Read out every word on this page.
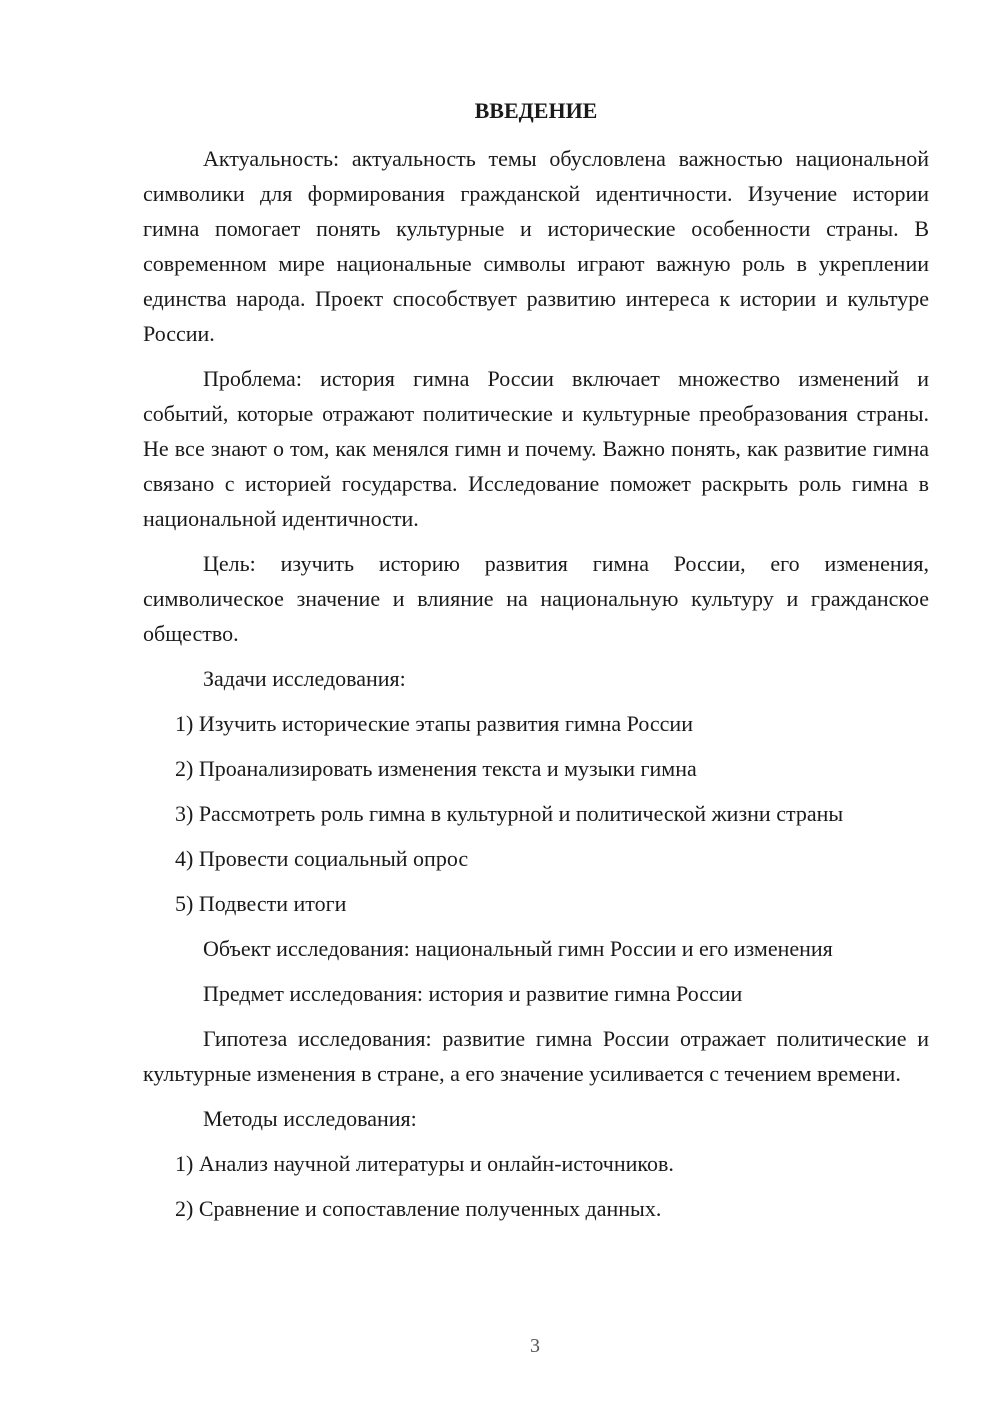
ВВЕДЕНИЕ

Актуальность: актуальность темы обусловлена важностью национальной символики для формирования гражданской идентичности. Изучение истории гимна помогает понять культурные и исторические особенности страны. В современном мире национальные символы играют важную роль в укреплении единства народа. Проект способствует развитию интереса к истории и культуре России.

Проблема: история гимна России включает множество изменений и событий, которые отражают политические и культурные преобразования страны. Не все знают о том, как менялся гимн и почему. Важно понять, как развитие гимна связано с историей государства. Исследование поможет раскрыть роль гимна в национальной идентичности.

Цель: изучить историю развития гимна России, его изменения, символическое значение и влияние на национальную культуру и гражданское общество.

Задачи исследования:

1) Изучить исторические этапы развития гимна России

2) Проанализировать изменения текста и музыки гимна

3) Рассмотреть роль гимна в культурной и политической жизни страны

4) Провести социальный опрос

5) Подвести итоги

Объект исследования: национальный гимн России и его изменения

Предмет исследования: история и развитие гимна России

Гипотеза исследования: развитие гимна России отражает политические и культурные изменения в стране, а его значение усиливается с течением времени.

Методы исследования:

1) Анализ научной литературы и онлайн-источников.

2) Сравнение и сопоставление полученных данных.

3
